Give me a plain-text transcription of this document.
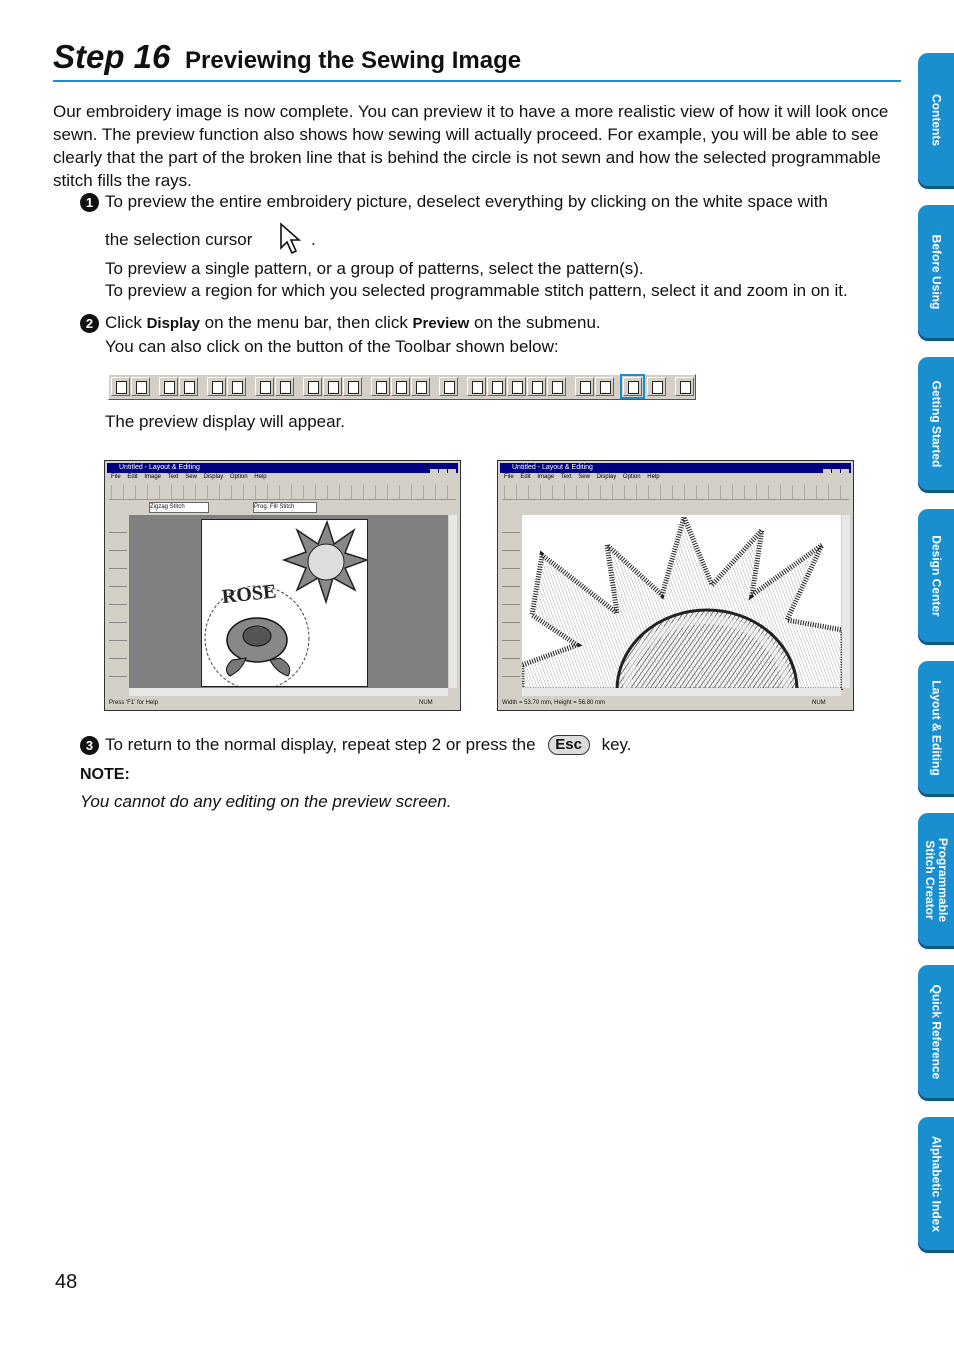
Step 16 Previewing the Sewing Image
Our embroidery image is now complete. You can preview it to have a more realistic view of how it will look once sewn. The preview function also shows how sewing will actually proceed. For example, you will be able to see clearly that the part of the broken line that is behind the circle is not sewn and how the selected programmable stitch fills the rays.
1 To preview the entire embroidery picture, deselect everything by clicking on the white space with
the selection cursor	.
To preview a single pattern, or a group of patterns, select the pattern(s).
To preview a region for which you selected programmable stitch pattern, select it and zoom in on it.
2 Click Display on the menu bar, then click Preview on the submenu.
You can also click on the button of the Toolbar shown below:
The preview display will appear.
Untitled - Layout & Editing
File Edit Image Text Sew Display Option Help
Zigzag Stitch	Prog. Fill Stitch
ROSE
Press 'F1' for Help	NUM
Untitled - Layout & Editing
File Edit Image Text Sew Display Option Help
Width = 53.70 mm, Height = 56.80 mm	NUM
3 To return to the normal display, repeat step 2 or press the Esc key.
NOTE:
You cannot do any editing on the preview screen.
48
Contents
Before Using
Getting Started
Design Center
Layout & Editing
Programmable
Stitch Creator
Quick Reference
Alphabetic Index
